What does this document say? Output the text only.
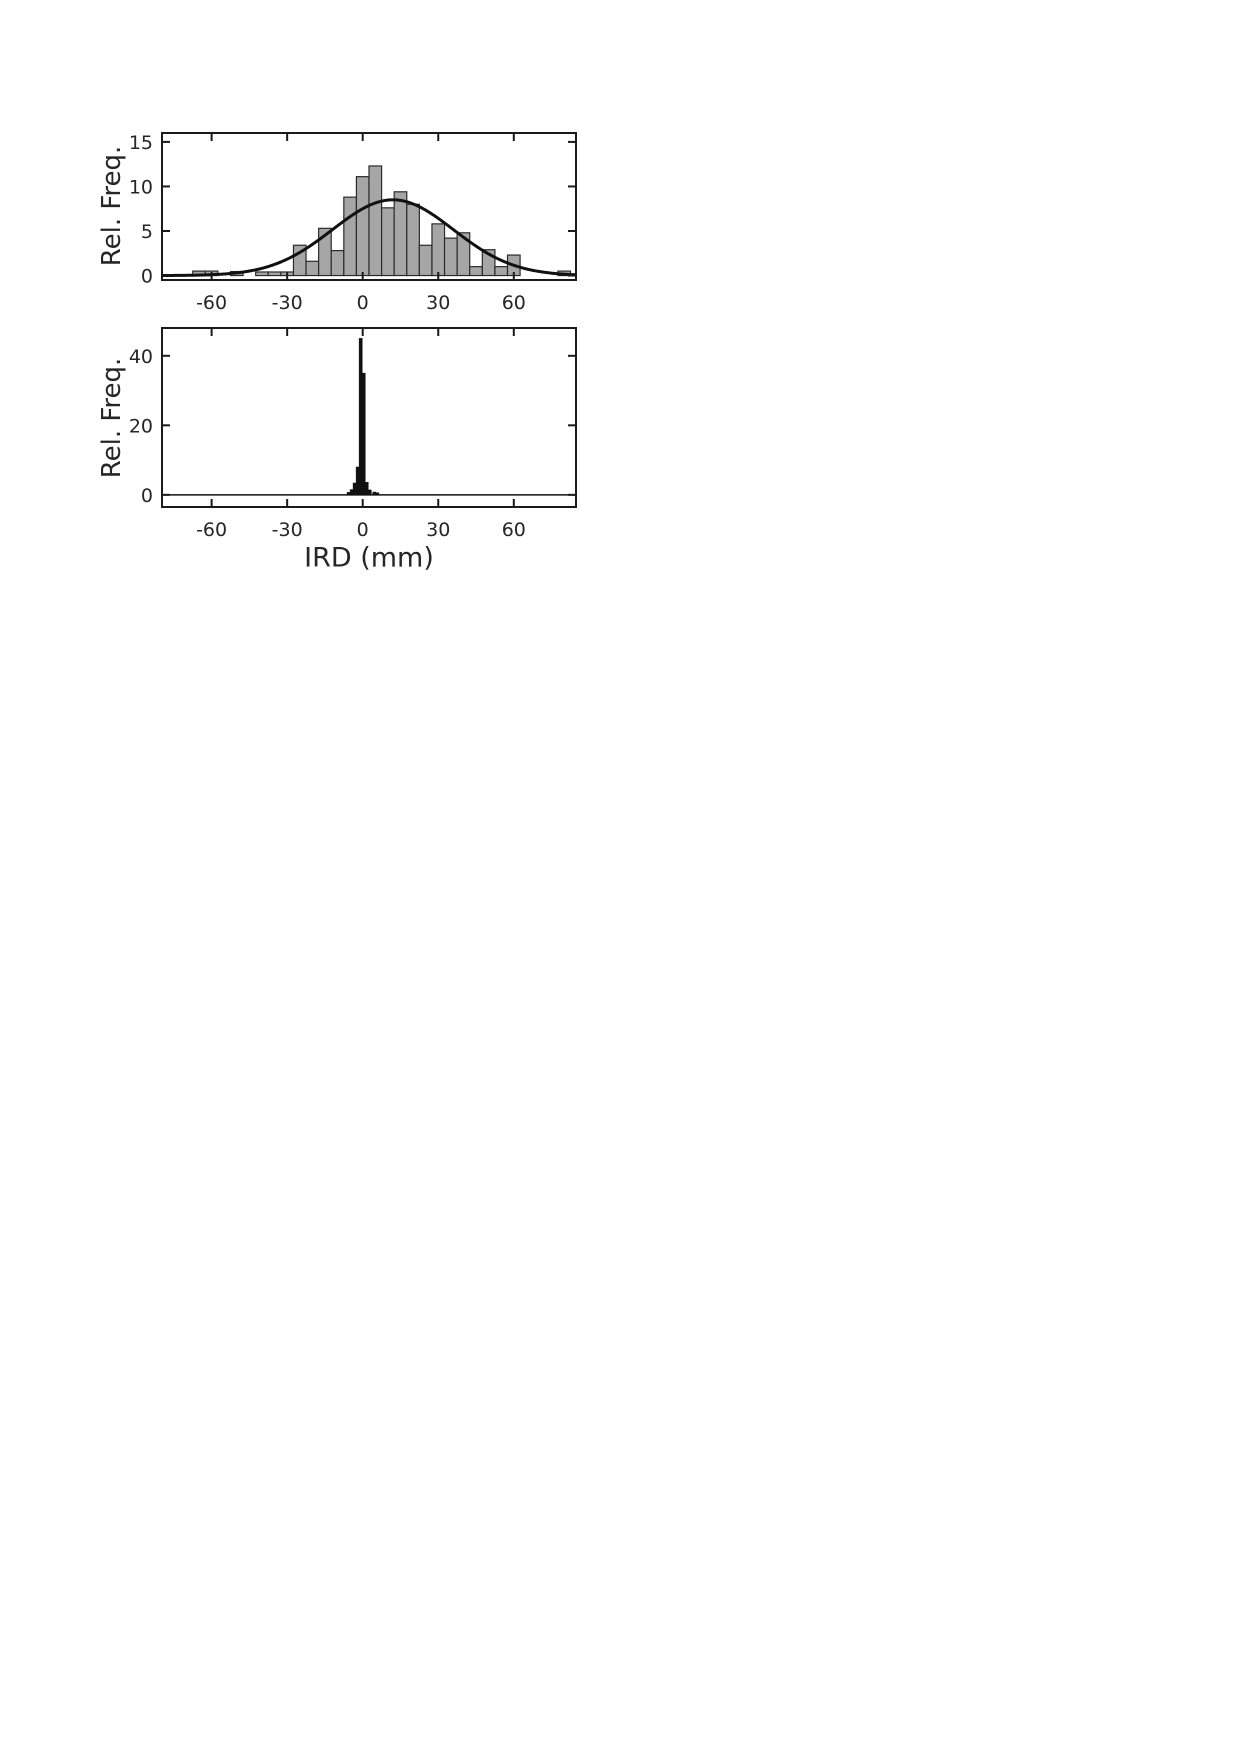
-60 -30	0	30	60
0
5
10
15
-60 -30	0	30	60
0
20
40
Rel. Freq.
Rel. Freq.
IRD (mm)
